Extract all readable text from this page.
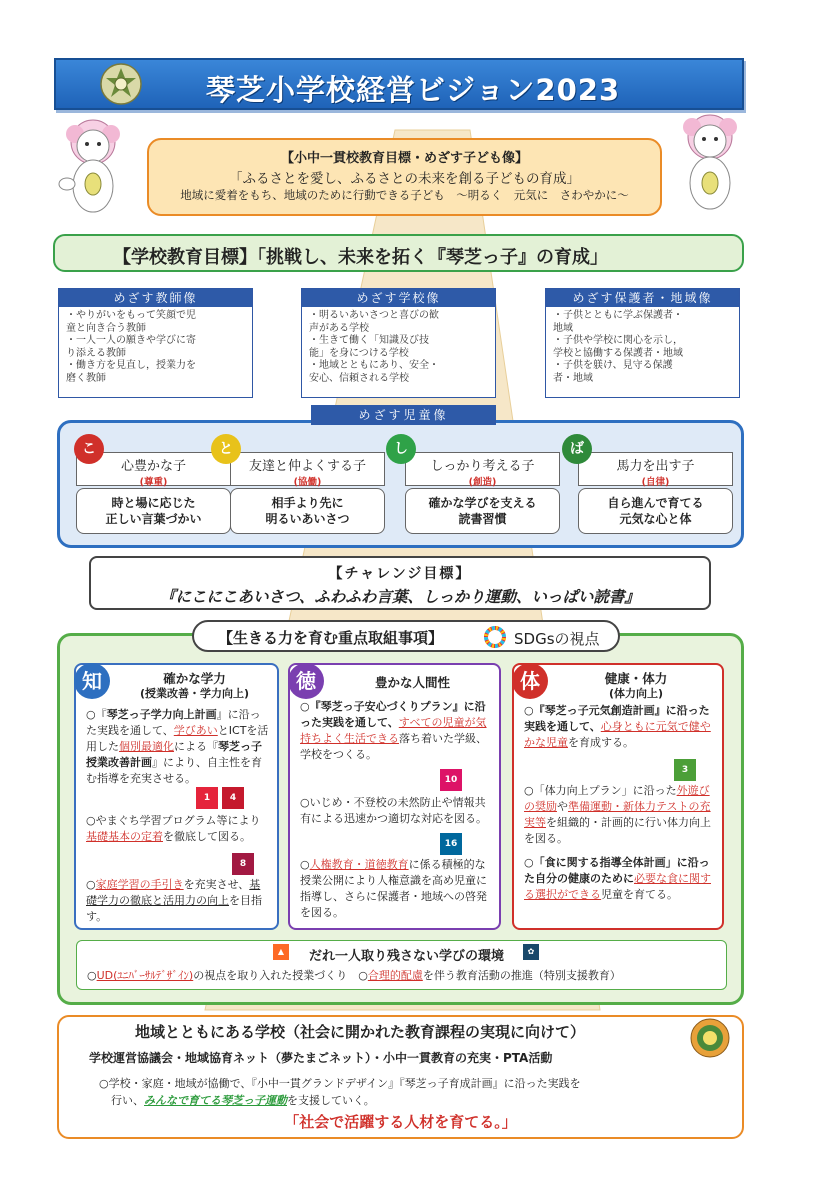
琴芝小学校経営ビジョン2023
【小中一貫校教育目標・めざす子ども像】
「ふるさとを愛し、ふるさとの未来を創る子どもの育成」
地域に愛着をもち、地域のために行動できる子ども　～明るく　元気に　さわやかに～
【学校教育目標】「挑戦し、未来を拓く『琴芝っ子』の育成」
めざす教師像
・やりがいをもって笑顔で児
童と向き合う教師
・一人一人の願きや学びに寄
り添える教師
・働き方を見直し，授業力を
磨く教師
めざす学校像
・明るいあいさつと喜びの歓
声がある学校
・生きて働く「知識及び技
能」を身につける学校
・地域とともにあり、安全・
安心、信頼される学校
めざす保護者・地域像
・子供とともに学ぶ保護者・
地域
・子供や学校に関心を示し，
学校と協働する保護者・地域
・子供を躾け、見守る保護
者・地域
めざす児童像
心豊かな子
(尊重)
時と場に応じた
正しい言葉づかい
こ
友達と仲よくする子
(協働)
相手より先に
明るいあいさつ
と
しっかり考える子
(創造)
確かな学びを支える
読書習慣
し
馬力を出す子
(自律)
自ら進んで育てる
元気な心と体
ば
【チャレンジ目標】
『にこにこあいさつ、ふわふわ言葉、しっかり運動、いっぱい読書』
【生きる力を育む重点取組事項】	SDGsの視点
知	確かな学力
(授業改善・学力向上)
○『琴芝っ子学力向上計画』に沿った実践を通して、学びあいとICTを活用した個別最適化による『琴芝っ子授業改善計画』により、自主性を育む指導を充実させる。
1	4
○やまぐち学習プログラム等により基礎基本の定着を徹底して図る。
8
○家庭学習の手引きを充実させ、基礎学力の徹底と活用力の向上を目指す。
徳	豊かな人間性
○『琴芝っ子安心づくりプラン』に沿った実践を通して、すべての児童が気持ちよく生活できる落ち着いた学級、学校をつくる。
10
○いじめ・不登校の未然防止や情報共有による迅速かつ適切な対応を図る。
16
○人権教育・道徳教育に係る積極的な授業公開により人権意識を高め児童に指導し、さらに保護者・地域への啓発を図る。
体	健康・体力
(体力向上)
○『琴芝っ子元気創造計画』に沿った実践を通して、心身ともに元気で健やかな児童を育成する。
3
○「体力向上プラン」に沿った外遊びの奨励や準備運動・新体力テストの充実等を組織的・計画的に行い体力向上を図る。
○「食に関する指導全体計画」に沿った自分の健康のために必要な食に関する選択ができる児童を育てる。
▲	だれ一人取り残さない学びの環境	✿
○UD(ﾕﾆﾊﾞｰｻﾙﾃﾞｻﾞｲﾝ)の視点を取り入れた授業づくり　○合理的配慮を伴う教育活動の推進（特別支援教育）
地域とともにある学校（社会に開かれた教育課程の実現に向けて）
学校運営協議会・地域協育ネット（夢たまごネット）・小中一貫教育の充実・PTA活動
○学校・家庭・地域が協働で、『小中一貫グランドデザイン』『琴芝っ子育成計画』に沿った実践を
行い、みんなで育てる琴芝っ子運動を支援していく。
「社会で活躍する人材を育てる。」
